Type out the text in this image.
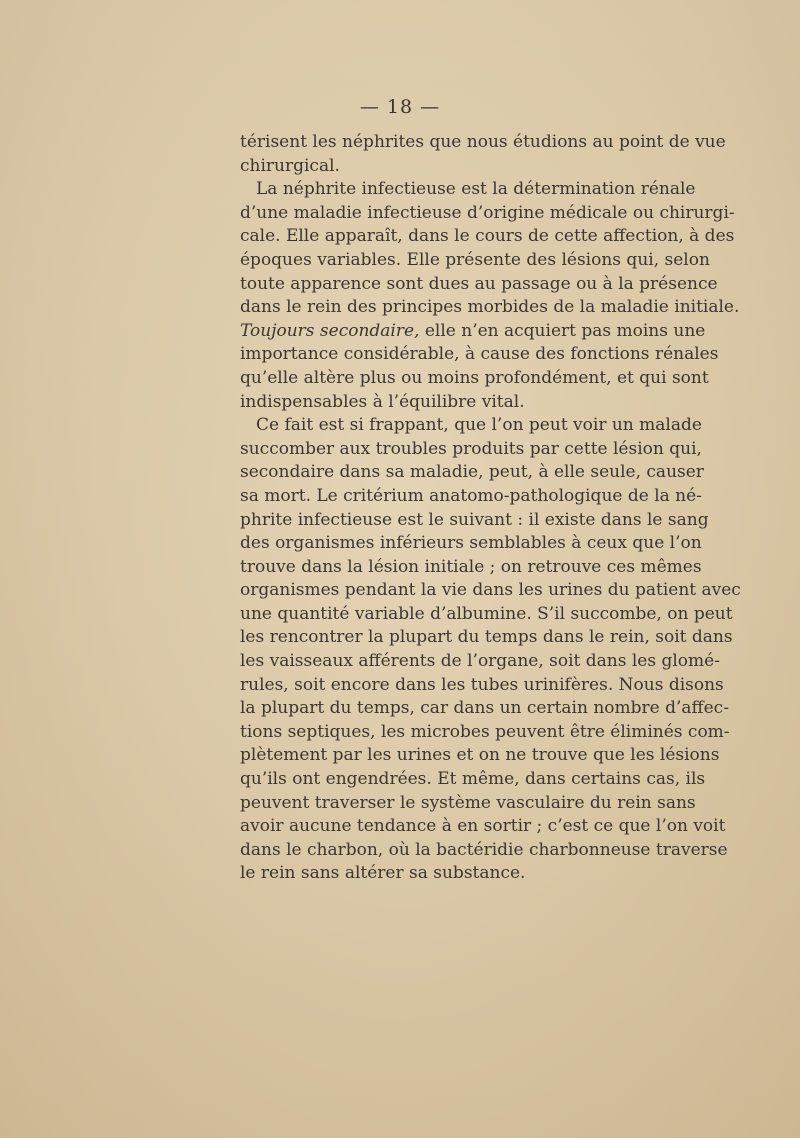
— 18 —
térisent les néphrites que nous étudions au point de vue
chirurgical.
La néphrite infectieuse est la détermination rénale
d’une maladie infectieuse d’origine médicale ou chirurgi-
cale. Elle apparaît, dans le cours de cette affection, à des
époques variables. Elle présente des lésions qui, selon
toute apparence sont dues au passage ou à la présence
dans le rein des principes morbides de la maladie initiale.
Toujours secondaire, elle n’en acquiert pas moins une
importance considérable, à cause des fonctions rénales
qu’elle altère plus ou moins profondément, et qui sont
indispensables à l’équilibre vital.
Ce fait est si frappant, que l’on peut voir un malade
succomber aux troubles produits par cette lésion qui,
secondaire dans sa maladie, peut, à elle seule, causer
sa mort. Le critérium anatomo-pathologique de la né-
phrite infectieuse est le suivant : il existe dans le sang
des organismes inférieurs semblables à ceux que l’on
trouve dans la lésion initiale ; on retrouve ces mêmes
organismes pendant la vie dans les urines du patient avec
une quantité variable d’albumine. S’il succombe, on peut
les rencontrer la plupart du temps dans le rein, soit dans
les vaisseaux afférents de l’organe, soit dans les glomé-
rules, soit encore dans les tubes urinifères. Nous disons
la plupart du temps, car dans un certain nombre d’affec-
tions septiques, les microbes peuvent être éliminés com-
plètement par les urines et on ne trouve que les lésions
qu’ils ont engendrées. Et même, dans certains cas, ils
peuvent traverser le système vasculaire du rein sans
avoir aucune tendance à en sortir ; c’est ce que l’on voit
dans le charbon, où la bactéridie charbonneuse traverse
le rein sans altérer sa substance.
